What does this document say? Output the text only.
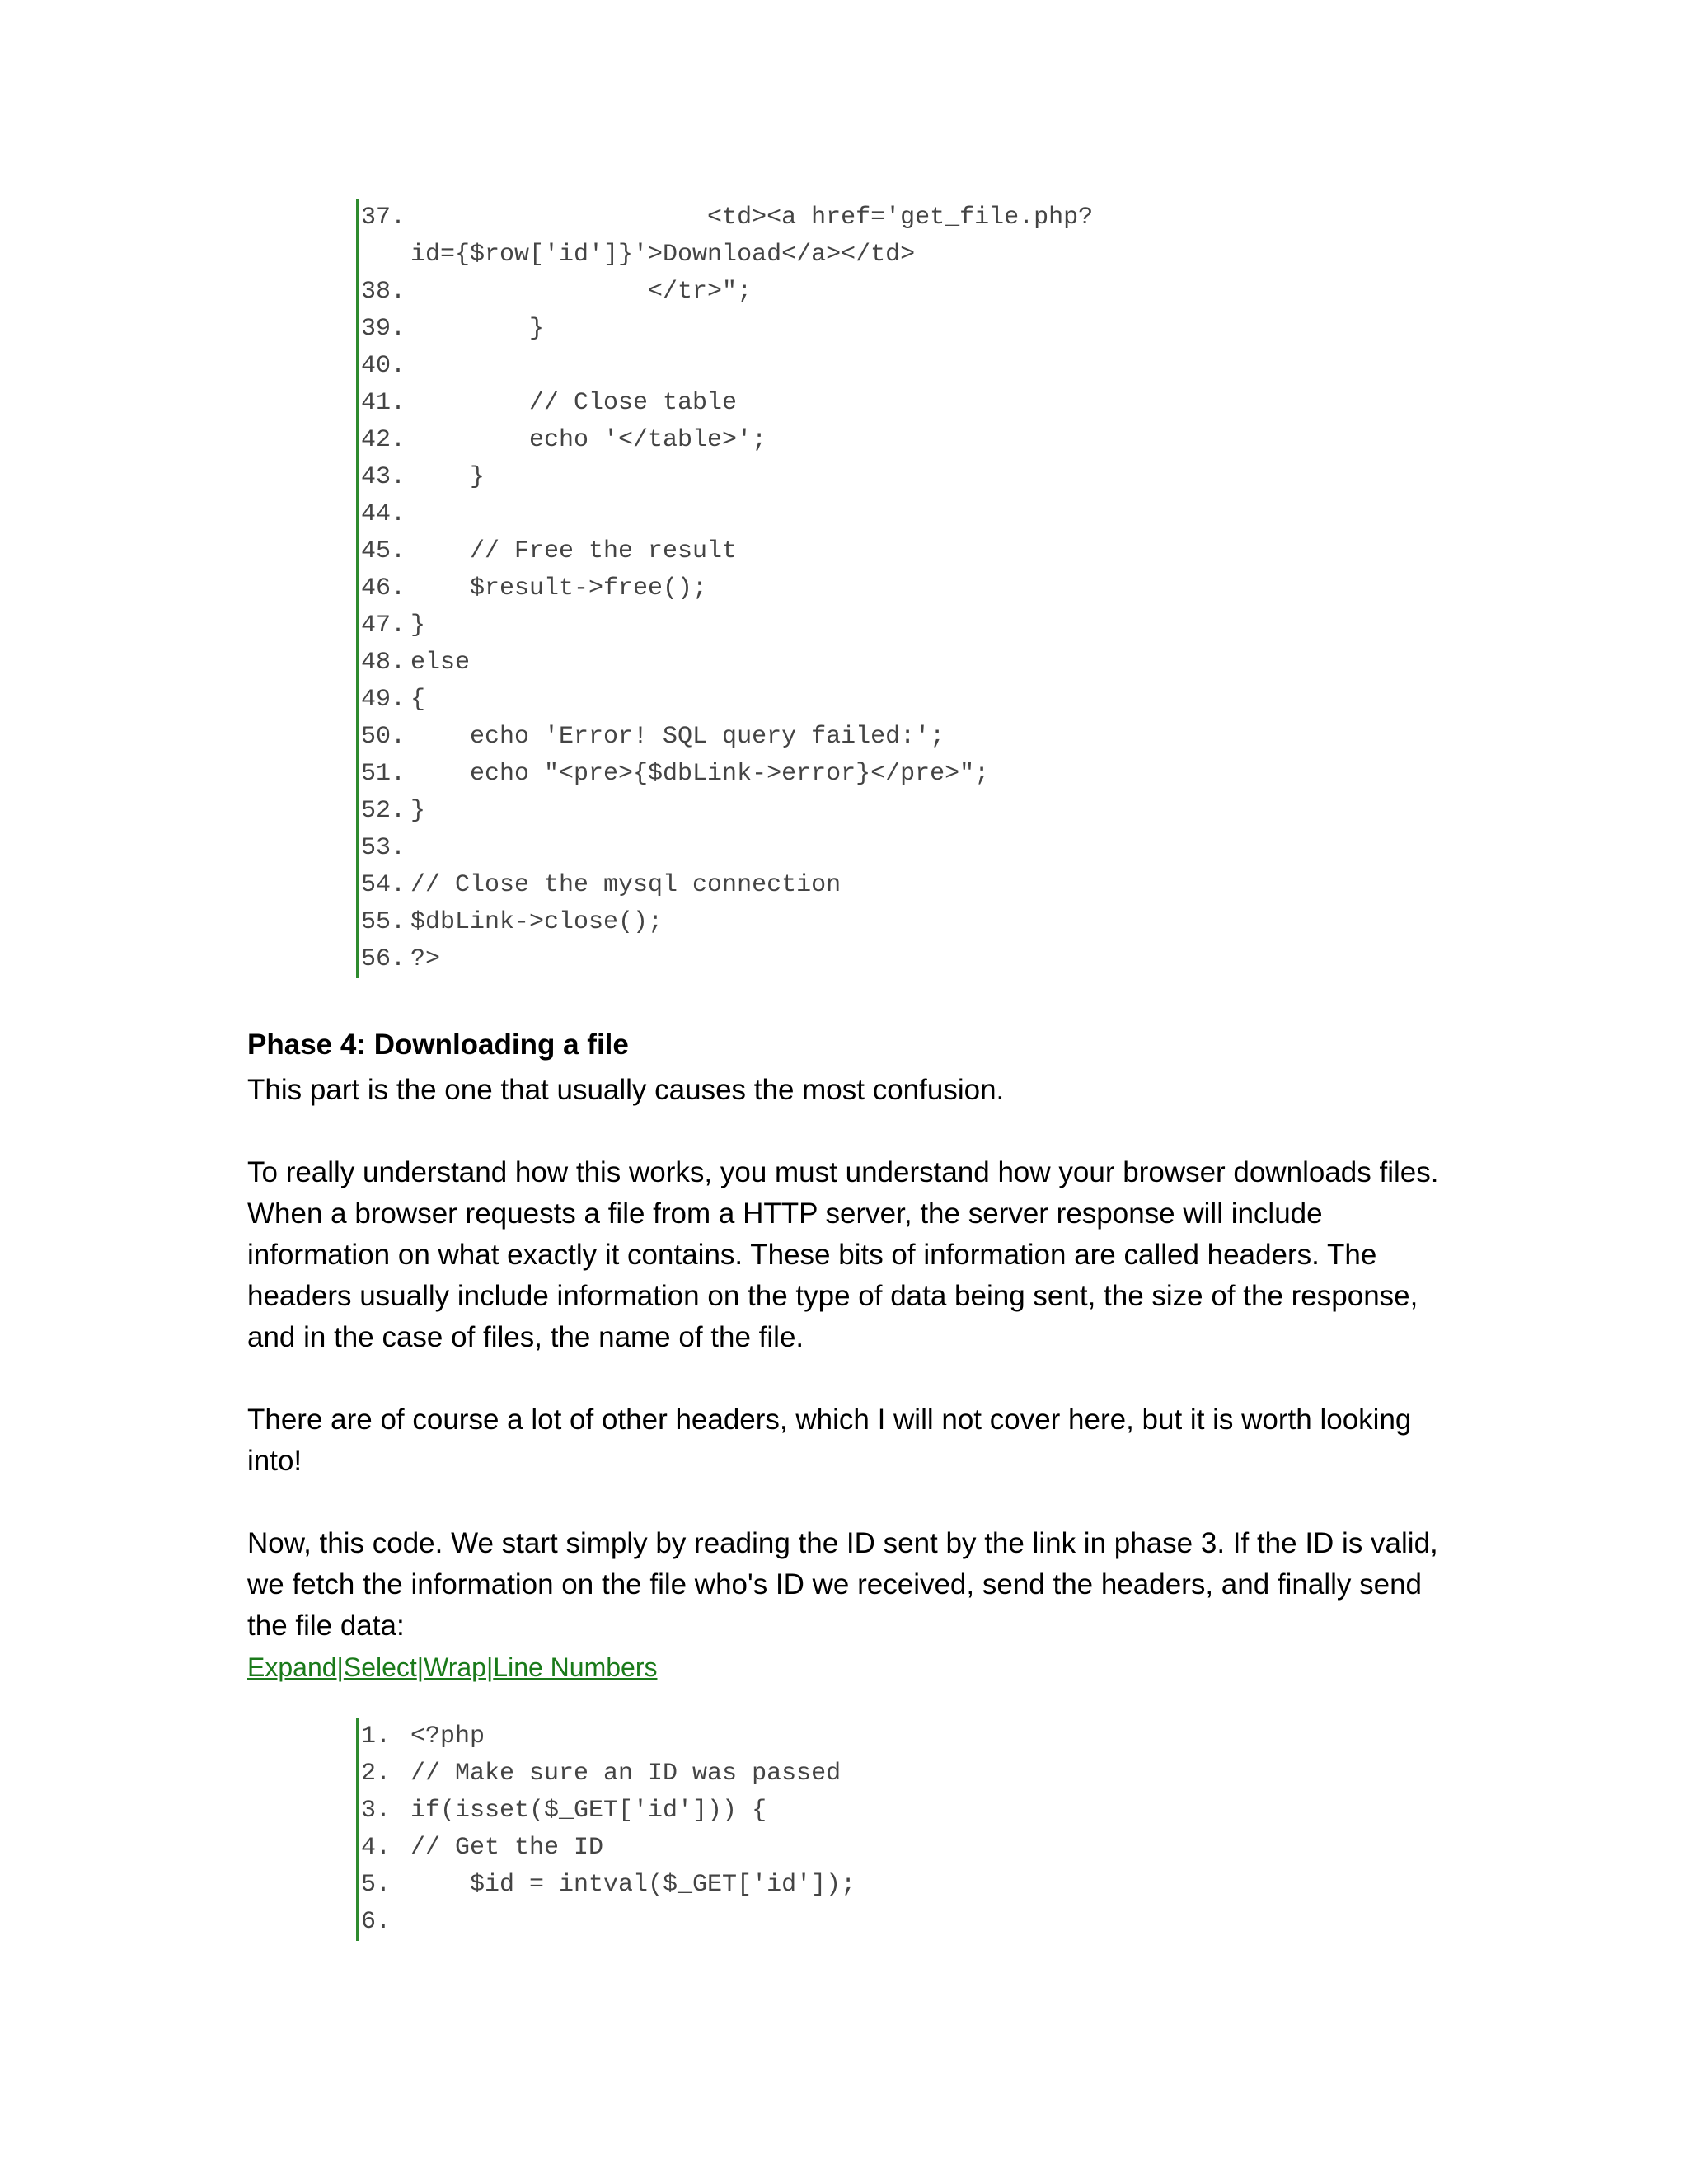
37. <td><a href='get_file.php?
id={$row['id']}'>Download</a></td>
38. </tr>";
39. }
40.
41. // Close table
42. echo '</table>';
43. }
44.
45. // Free the result
46. $result->free();
47. }
48. else
49. {
50. echo 'Error! SQL query failed:';
51. echo "<pre>{$dbLink->error}</pre>";
52. }
53.
54. // Close the mysql connection
55. $dbLink->close();
56. ?>
Phase 4: Downloading a file

This part is the one that usually causes the most confusion.

To really understand how this works, you must understand how your browser downloads files. When a browser requests a file from a HTTP server, the server response will include information on what exactly it contains. These bits of information are called headers. The headers usually include information on the type of data being sent, the size of the response, and in the case of files, the name of the file.

There are of course a lot of other headers, which I will not cover here, but it is worth looking into!

Now, this code. We start simply by reading the ID sent by the link in phase 3. If the ID is valid, we fetch the information on the file who's ID we received, send the headers, and finally send the file data:

Expand|Select|Wrap|Line Numbers
1. <?php
2. // Make sure an ID was passed
3. if(isset($_GET['id'])) {
4. // Get the ID
5. $id = intval($_GET['id']);
6.
